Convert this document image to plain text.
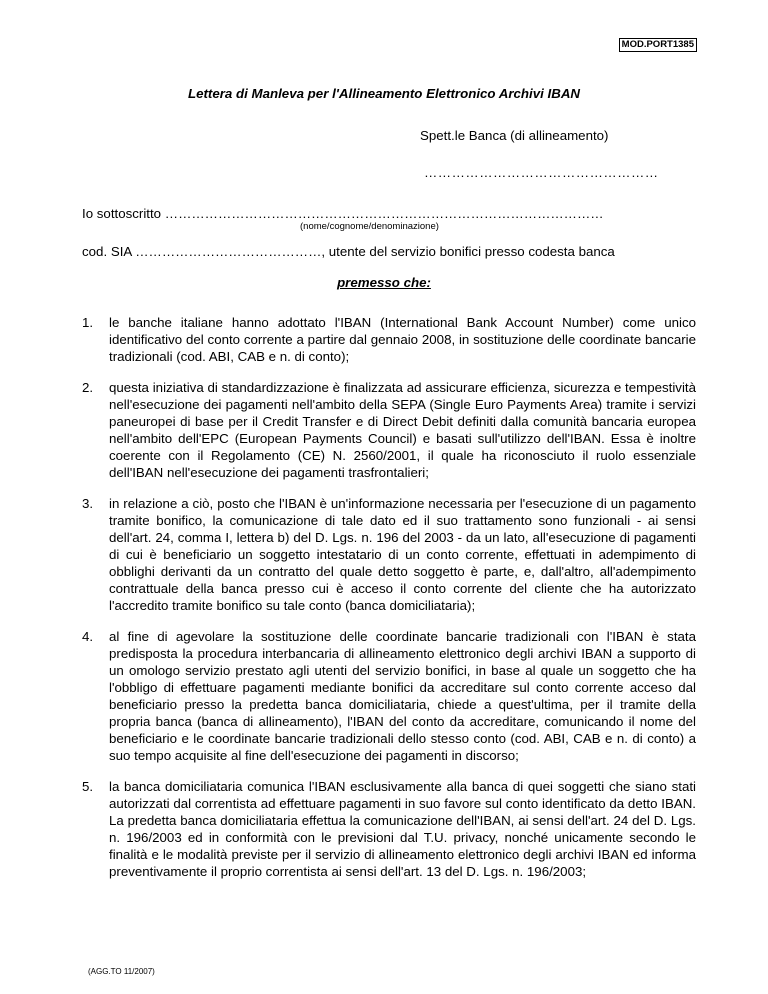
MOD.PORT1385
Lettera di Manleva per l'Allineamento Elettronico Archivi IBAN
Spett.le Banca (di allineamento)
……………………………………………
Io sottoscritto ………………………………………………………………………………………
(nome/cognome/denominazione)
cod. SIA ……………………………………, utente del servizio bonifici presso codesta banca
premesso che:
1. le banche italiane hanno adottato l'IBAN (International Bank Account Number) come unico identificativo del conto corrente a partire dal gennaio 2008, in sostituzione delle coordinate bancarie tradizionali (cod. ABI, CAB e n. di conto);
2. questa iniziativa di standardizzazione è finalizzata ad assicurare efficienza, sicurezza e tempestività nell'esecuzione dei pagamenti nell'ambito della SEPA (Single Euro Payments Area) tramite i servizi paneuropei di base per il Credit Transfer e di Direct Debit definiti dalla comunità bancaria europea nell'ambito dell'EPC (European Payments Council) e basati sull'utilizzo dell'IBAN. Essa è inoltre coerente con il Regolamento (CE) N. 2560/2001, il quale ha riconosciuto il ruolo essenziale dell'IBAN nell'esecuzione dei pagamenti trasfrontalieri;
3. in relazione a ciò, posto che l'IBAN è un'informazione necessaria per l'esecuzione di un pagamento tramite bonifico, la comunicazione di tale dato ed il suo trattamento sono funzionali - ai sensi dell'art. 24, comma I, lettera b) del D. Lgs. n. 196 del 2003 - da un lato, all'esecuzione di pagamenti di cui è beneficiario un soggetto intestatario di un conto corrente, effettuati in adempimento di obblighi derivanti da un contratto del quale detto soggetto è parte, e, dall'altro, all'adempimento contrattuale della banca presso cui è acceso il conto corrente del cliente che ha autorizzato l'accredito tramite bonifico su tale conto (banca domiciliataria);
4. al fine di agevolare la sostituzione delle coordinate bancarie tradizionali con l'IBAN è stata predisposta la procedura interbancaria di allineamento elettronico degli archivi IBAN a supporto di un omologo servizio prestato agli utenti del servizio bonifici, in base al quale un soggetto che ha l'obbligo di effettuare pagamenti mediante bonifici da accreditare sul conto corrente acceso dal beneficiario presso la predetta banca domiciliataria, chiede a quest'ultima, per il tramite della propria banca (banca di allineamento), l'IBAN del conto da accreditare, comunicando il nome del beneficiario e le coordinate bancarie tradizionali dello stesso conto (cod. ABI, CAB e n. di conto) a suo tempo acquisite al fine dell'esecuzione dei pagamenti in discorso;
5. la banca domiciliataria comunica l'IBAN esclusivamente alla banca di quei soggetti che siano stati autorizzati dal correntista ad effettuare pagamenti in suo favore sul conto identificato da detto IBAN. La predetta banca domiciliataria effettua la comunicazione dell'IBAN, ai sensi dell'art. 24 del D. Lgs. n. 196/2003 ed in conformità con le previsioni dal T.U. privacy, nonché unicamente secondo le finalità e le modalità previste per il servizio di allineamento elettronico degli archivi IBAN ed informa preventivamente il proprio correntista ai sensi dell'art. 13 del D. Lgs. n. 196/2003;
(AGG.TO 11/2007)
